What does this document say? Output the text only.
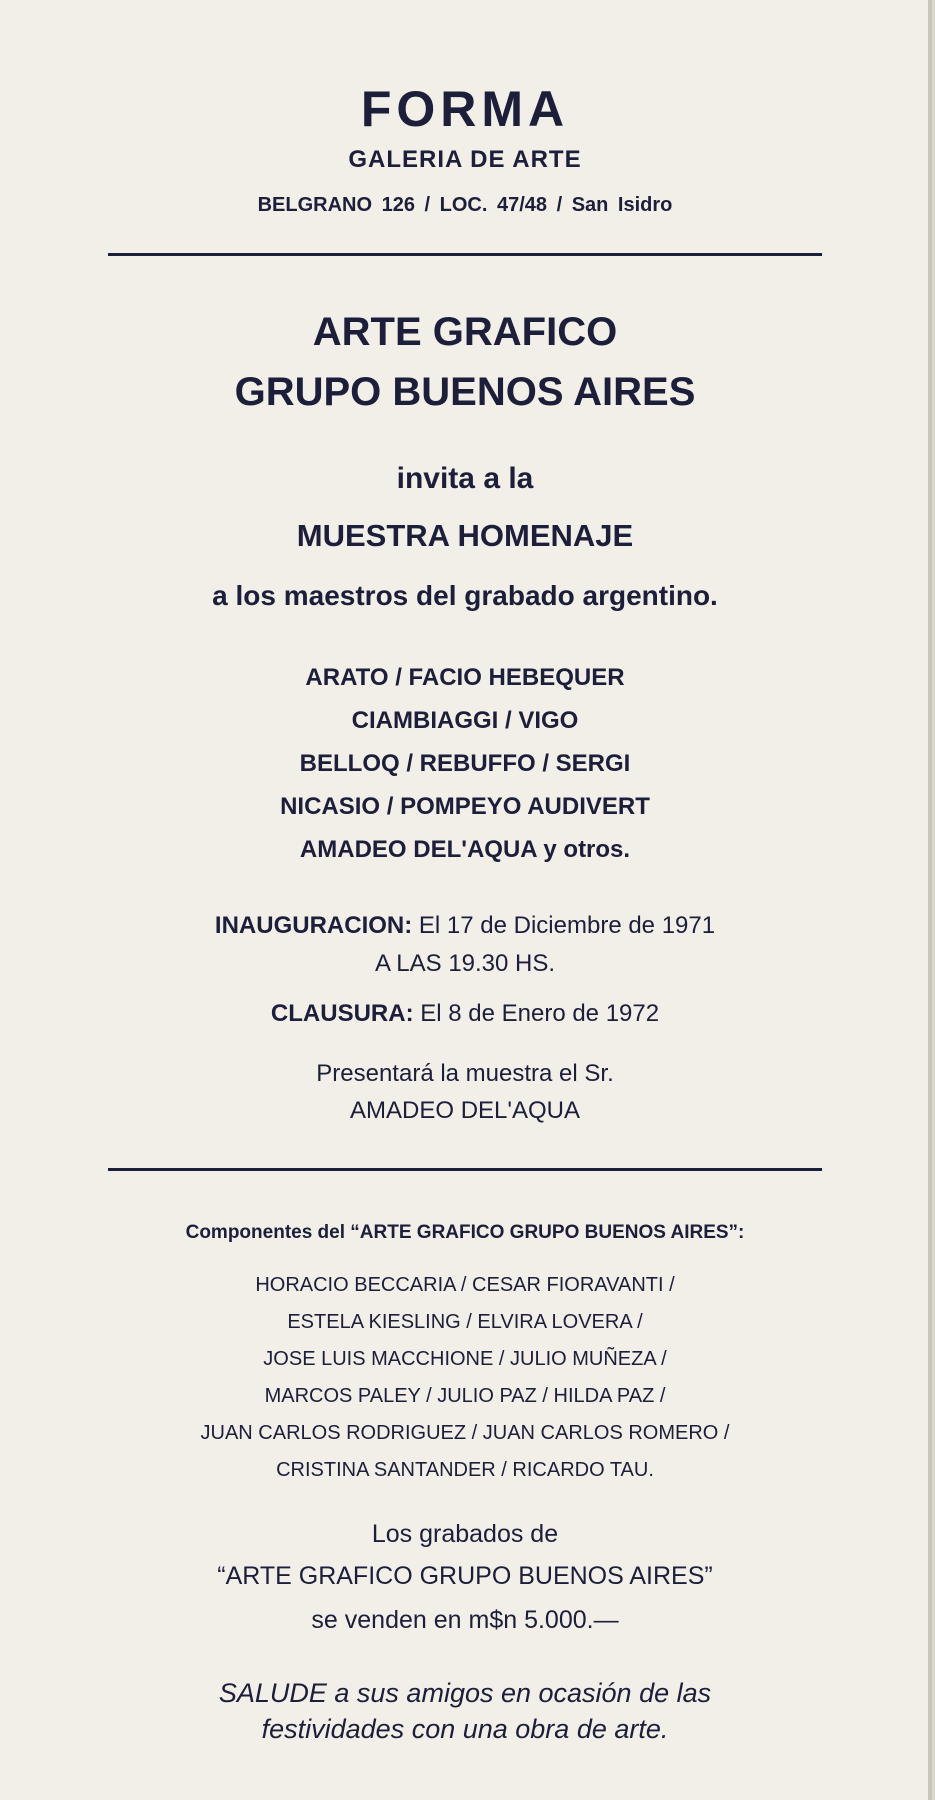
FORMA
GALERIA DE ARTE
BELGRANO 126 / LOC. 47/48 / San Isidro
ARTE GRAFICO
GRUPO BUENOS AIRES
invita a la
MUESTRA HOMENAJE
a los maestros del grabado argentino.
ARATO / FACIO HEBEQUER
CIAMBIAGGI / VIGO
BELLOQ / REBUFFO / SERGI
NICASIO / POMPEYO AUDIVERT
AMADEO DEL'AQUA y otros.
INAUGURACION: El 17 de Diciembre de 1971
A LAS 19.30 HS.
CLAUSURA: El 8 de Enero de 1972
Presentará la muestra el Sr.
AMADEO DEL'AQUA
Componentes del “ARTE GRAFICO GRUPO BUENOS AIRES”:
HORACIO BECCARIA / CESAR FIORAVANTI /
ESTELA KIESLING / ELVIRA LOVERA /
JOSE LUIS MACCHIONE / JULIO MUÑEZA /
MARCOS PALEY / JULIO PAZ / HILDA PAZ /
JUAN CARLOS RODRIGUEZ / JUAN CARLOS ROMERO /
CRISTINA SANTANDER / RICARDO TAU.
Los grabados de
“ARTE GRAFICO GRUPO BUENOS AIRES”
se venden en m$n 5.000.—
SALUDE a sus amigos en ocasión de las
festividades con una obra de arte.
